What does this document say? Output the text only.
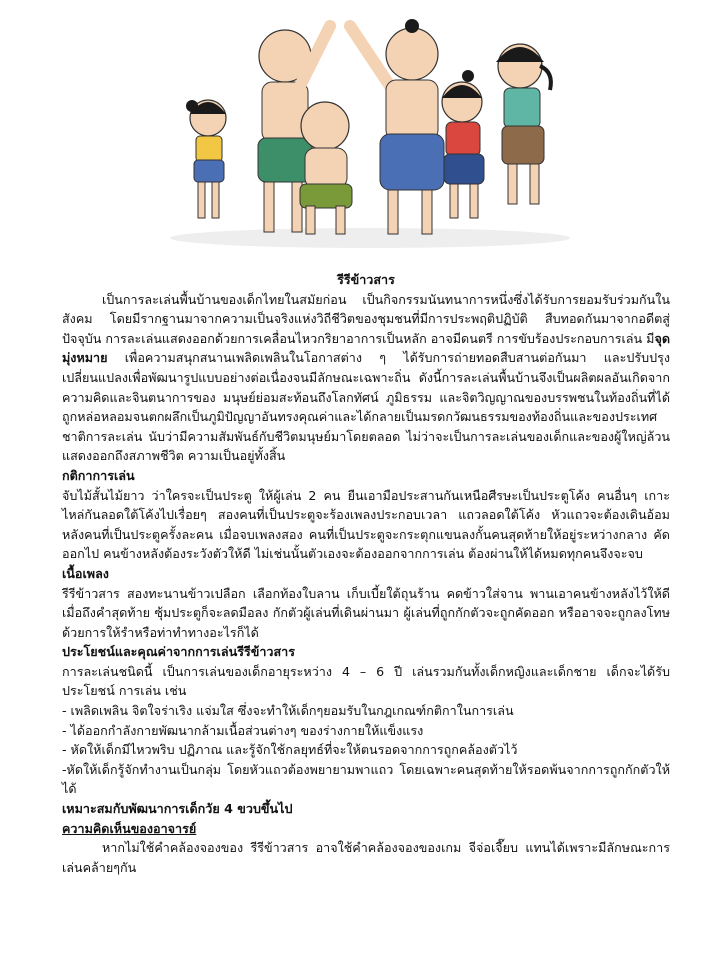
รีรีข้าวสาร

เป็นการละเล่นพื้นบ้านของเด็กไทยในสมัยก่อน เป็นกิจกรรมนันทนาการหนึ่งซึ่งได้รับการยอมรับร่วมกันในสังคม โดยมีรากฐานมาจากความเป็นจริงแห่งวิถีชีวิตของชุมชนที่มีการประพฤติปฏิบัติ สืบทอดกันมาจากอดีตสู่ปัจจุบัน การละเล่นแสดงออกด้วยการเคลื่อนไหวกริยาอาการเป็นหลัก อาจมีดนตรี การขับร้องประกอบการเล่น มีจุดมุ่งหมาย เพื่อความสนุกสนานเพลิดเพลินในโอกาสต่าง ๆ ได้รับการถ่ายทอดสืบสานต่อกันมา และปรับปรุงเปลี่ยนแปลงเพื่อพัฒนารูปแบบอย่างต่อเนื่องจนมีลักษณะเฉพาะถิ่น ดังนี้การละเล่นพื้นบ้านจึงเป็นผลิตผลอันเกิดจากความคิดและจินตนาการของ มนุษย์ย่อมสะท้อนถึงโลกทัศน์ ภูมิธรรม และจิตวิญญาณของบรรพชนในท้องถิ่นที่ได้ถูกหล่อหลอมจนตกผลึกเป็นภูมิปัญญาอันทรงคุณค่าและได้กลายเป็นมรดกวัฒนธรรมของท้องถิ่นและของประเทศชาติการละเล่น นับว่ามีความสัมพันธ์กับชีวิตมนุษย์มาโดยตลอด ไม่ว่าจะเป็นการละเล่นของเด็กและของผู้ใหญ่ล้วนแสดงออกถึงสภาพชีวิต ความเป็นอยู่ทั้งสิ้น

กติกาการเล่น

จับไม้สั้นไม้ยาว ว่าใครจะเป็นประตู ให้ผู้เล่น 2 คน ยืนเอามือประสานกันเหนือศีรษะเป็นประตูโค้ง คนอื่นๆ เกาะไหล่กันลอดใต้โค้งไปเรื่อยๆ สองคนที่เป็นประตูจะร้องเพลงประกอบเวลา แถวลอดใต้โค้ง หัวแถวจะต้องเดินอ้อมหลังคนที่เป็นประตูครั้งละคน เมื่อจบเพลงสอง คนที่เป็นประตูจะกระตุกแขนลงกั้นคนสุดท้ายให้อยู่ระหว่างกลาง คัดออกไป คนข้างหลังต้องระวังตัวให้ดี ไม่เช่นนั้นตัวเองจะต้องออกจากการเล่น ต้องผ่านให้ได้หมดทุกคนจึงจะจบ

เนื้อเพลง

รีรีข้าวสาร สองทะนานข้าวเปลือก เลือกท้องใบลาน เก็บเบี้ยใต้ถุนร้าน คดข้าวใส่จาน พานเอาคนข้างหลังไว้ให้ดี เมื่อถึงคำสุดท้าย ซุ้มประตูก็จะลดมือลง กักตัวผู้เล่นที่เดินผ่านมา ผู้เล่นที่ถูกกักตัวจะถูกคัดออก หรืออาจจะถูกลงโทษด้วยการให้รำหรือท่าทำทางอะไรก็ได้

ประโยชน์และคุณค่าจากการเล่นรีรีข้าวสาร

การละเล่นชนิดนี้ เป็นการเล่นของเด็กอายุระหว่าง 4 – 6 ปี เล่นรวมกันทั้งเด็กหญิงและเด็กชาย เด็กจะได้รับประโยชน์ การเล่น เช่น

- เพลิดเพลิน จิตใจร่าเริง แจ่มใส ซึ่งจะทำให้เด็กๆยอมรับในกฎเกณฑ์กติกาในการเล่น

- ได้ออกกำลังกายพัฒนากล้ามเนื้อส่วนต่างๆ ของร่างกายให้แข็งแรง

- หัดให้เด็กมีไหวพริบ ปฏิภาณ และรู้จักใช้กลยุทธ์ที่จะให้ตนรอดจากการถูกคล้องตัวไว้

-หัดให้เด็กรู้จักทำงานเป็นกลุ่ม โดยหัวแถวต้องพยายามพาแถว โดยเฉพาะคนสุดท้ายให้รอดพ้นจากการถูกกักตัวให้ได้

เหมาะสมกับพัฒนาการเด็กวัย 4 ขวบขึ้นไป

ความคิดเห็นของอาจารย์

หากไม่ใช้คำคล้องจองของ รีรีข้าวสาร อาจใช้คำคล้องจองของเกม จีจ่อเจี๊ยบ แทนได้เพราะมีลักษณะการเล่นคล้ายๆกัน
